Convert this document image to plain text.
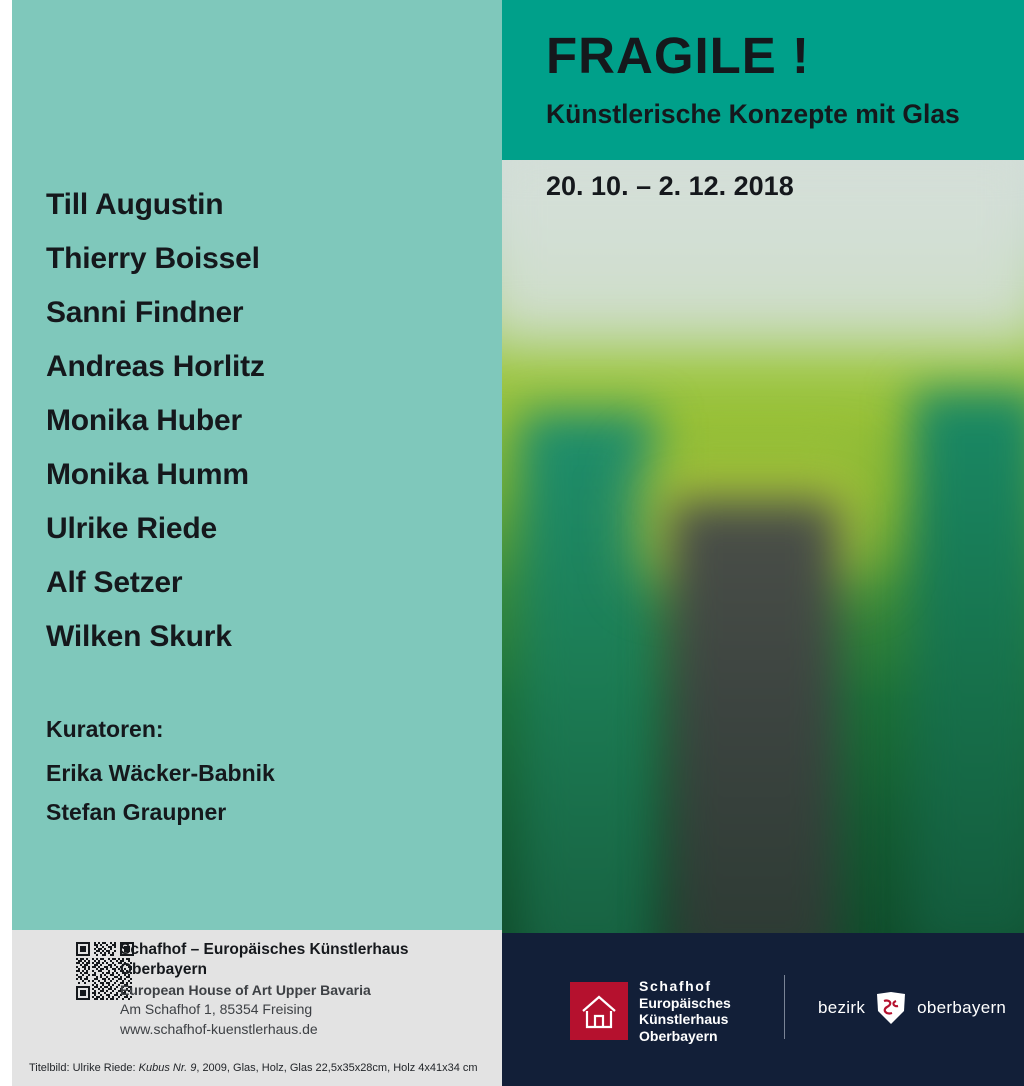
Till Augustin
Thierry Boissel
Sanni Findner
Andreas Horlitz
Monika Huber
Monika Humm
Ulrike Riede
Alf Setzer
Wilken Skurk
Kuratoren:
Erika Wäcker-Babnik
Stefan Graupner
Schafhof – Europäisches Künstlerhaus Oberbayern
European House of Art Upper Bavaria
Am Schafhof 1, 85354 Freising
www.schafhof-kuenstlerhaus.de
Titelbild: Ulrike Riede: Kubus Nr. 9, 2009, Glas, Holz, Glas 22,5x35x28cm, Holz 4x41x34 cm
FRAGILE !
Künstlerische Konzepte mit Glas
20. 10. – 2. 12. 2018
Schafhof
Europäisches
Künstlerhaus
Oberbayern
bezirk	oberbayern
